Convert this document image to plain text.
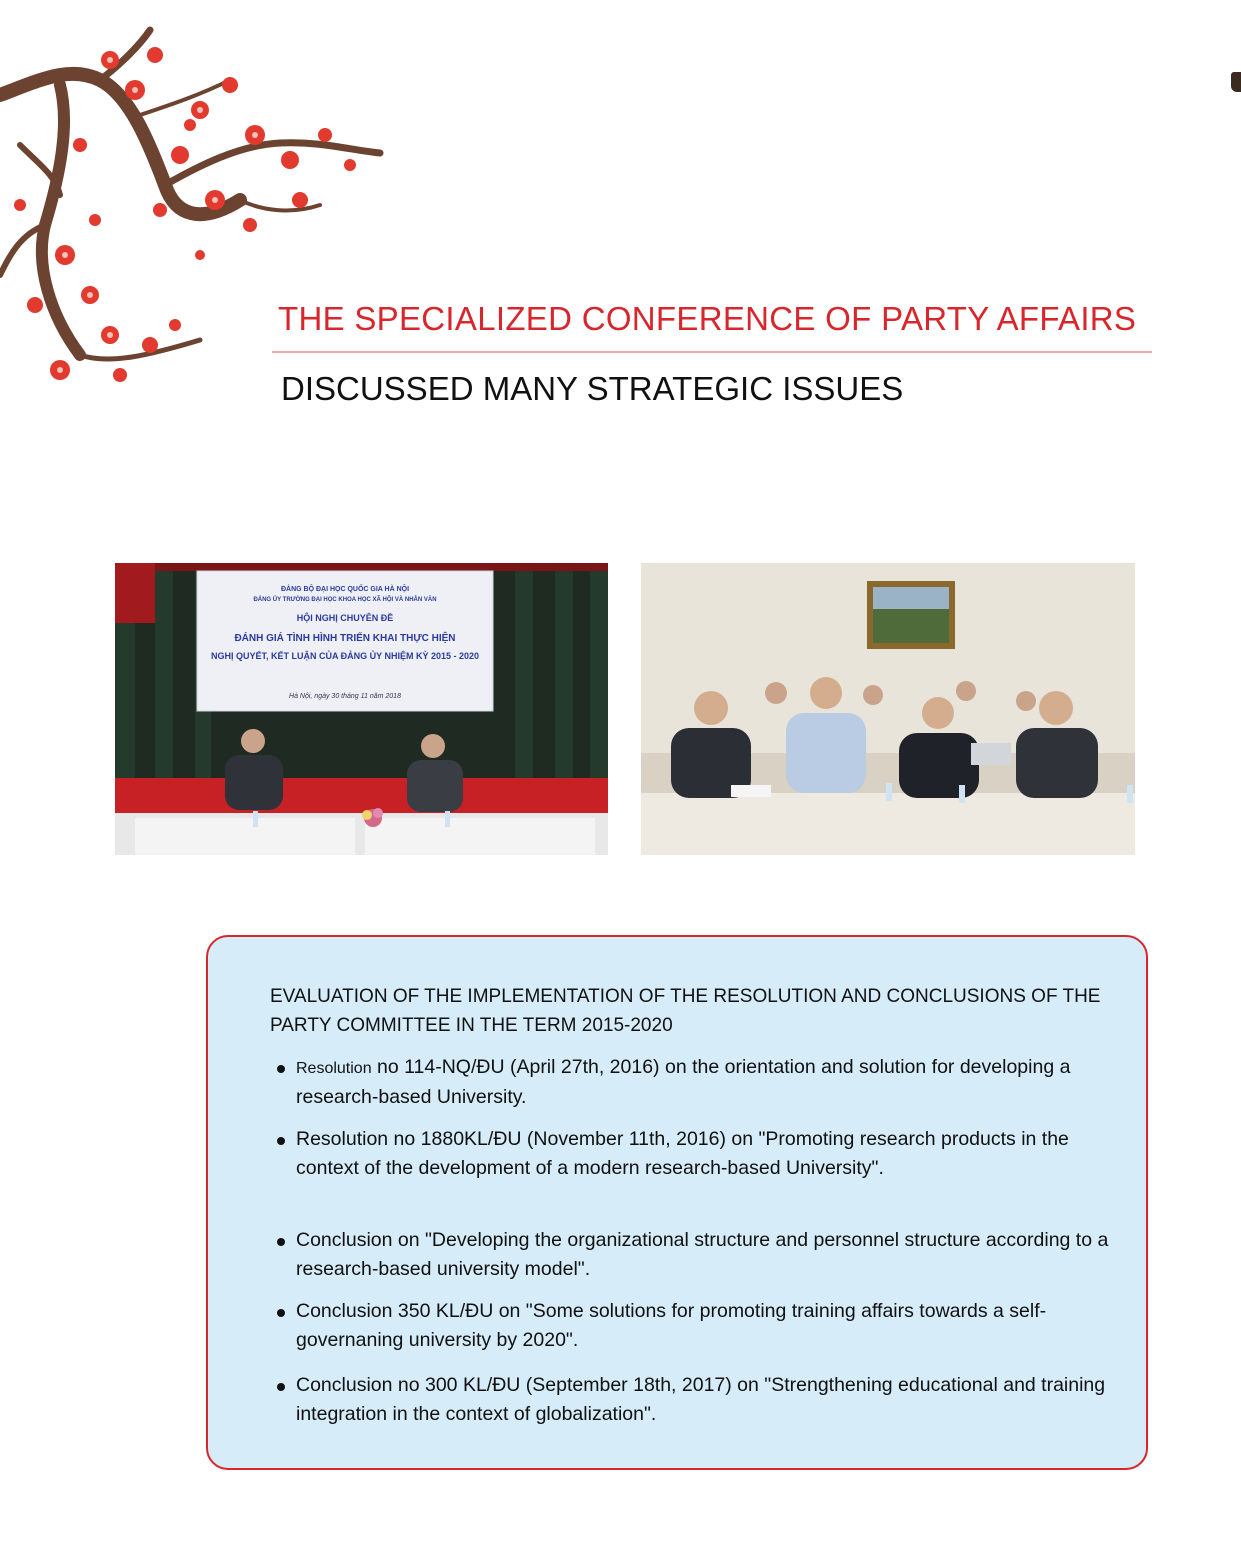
THE SPECIALIZED CONFERENCE OF PARTY AFFAIRS
DISCUSSED MANY STRATEGIC ISSUES
ĐẢNG BỘ ĐẠI HỌC QUỐC GIA HÀ NỘI
ĐẢNG ỦY TRƯỜNG ĐẠI HỌC KHOA HỌC XÃ HỘI VÀ NHÂN VĂN
HỘI NGHỊ CHUYÊN ĐỀ
ĐÁNH GIÁ TÌNH HÌNH TRIỂN KHAI THỰC HIỆN
NGHỊ QUYẾT, KẾT LUẬN CỦA ĐẢNG ỦY NHIỆM KỲ 2015 - 2020
Hà Nội, ngày 30 tháng 11 năm 2018

EVALUATION OF THE IMPLEMENTATION OF THE RESOLUTION AND CONCLUSIONS OF THE PARTY COMMITTEE IN THE TERM 2015-2020

Resolution no 114-NQ/ĐU (April 27th, 2016) on the orientation and solution for developing a research-based University.
Resolution no 1880KL/ĐU (November 11th, 2016) on "Promoting research products in the context of the development of a modern research-based University".
Conclusion on "Developing the organizational structure and personnel structure according to a research-based university model".
Conclusion 350 KL/ĐU on "Some solutions for promoting training affairs towards a self-governaning university by 2020".
Conclusion no 300 KL/ĐU (September 18th, 2017) on "Strengthening educational and training integration in the context of globalization".
